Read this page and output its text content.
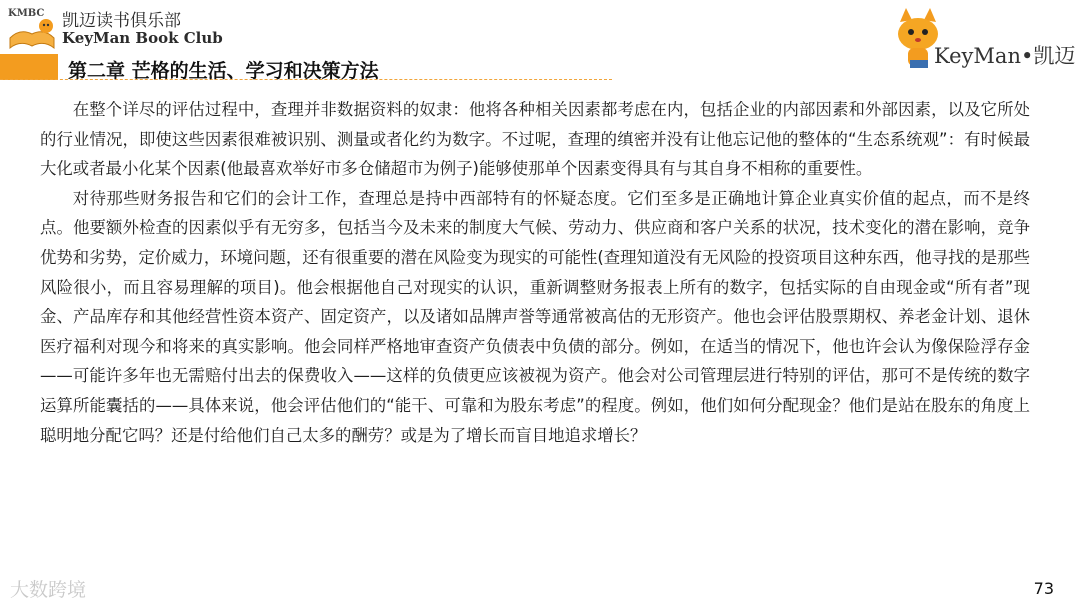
KMBC 凯迈读书俱乐部
KeyMan Book Club
第二章 芒格的生活、学习和决策方法
KeyMan•凯迈

在整个详尽的评估过程中，查理并非数据资料的奴隶：他将各种相关因素都考虑在内，包括企业的内部因素和外部因素，以及它所处的行业情况，即使这些因素很难被识别、测量或者化约为数字。不过呢，查理的缜密并没有让他忘记他的整体的“生态系统观”：有时候最大化或者最小化某个因素(他最喜欢举好市多仓储超市为例子)能够使那单个因素变得具有与其自身不相称的重要性。

对待那些财务报告和它们的会计工作，查理总是持中西部特有的怀疑态度。它们至多是正确地计算企业真实价值的起点，而不是终点。他要额外检查的因素似乎有无穷多，包括当今及未来的制度大气候、劳动力、供应商和客户关系的状况，技术变化的潜在影响，竞争优势和劣势，定价威力，环境问题，还有很重要的潜在风险变为现实的可能性(查理知道没有无风险的投资项目这种东西，他寻找的是那些风险很小，而且容易理解的项目)。他会根据他自己对现实的认识，重新调整财务报表上所有的数字，包括实际的自由现金或“所有者”现金、产品库存和其他经营性资本资产、固定资产，以及诸如品牌声誉等通常被高估的无形资产。他也会评估股票期权、养老金计划、退休医疗福利对现今和将来的真实影响。他会同样严格地审查资产负债表中负债的部分。例如，在适当的情况下，他也许会认为像保险浮存金——可能许多年也无需赔付出去的保费收入——这样的负债更应该被视为资产。他会对公司管理层进行特别的评估，那可不是传统的数字运算所能囊括的——具体来说，他会评估他们的“能干、可靠和为股东考虑”的程度。例如，他们如何分配现金？他们是站在股东的角度上聪明地分配它吗？还是付给他们自己太多的酬劳？或是为了增长而盲目地追求增长？

大数跨境	73
